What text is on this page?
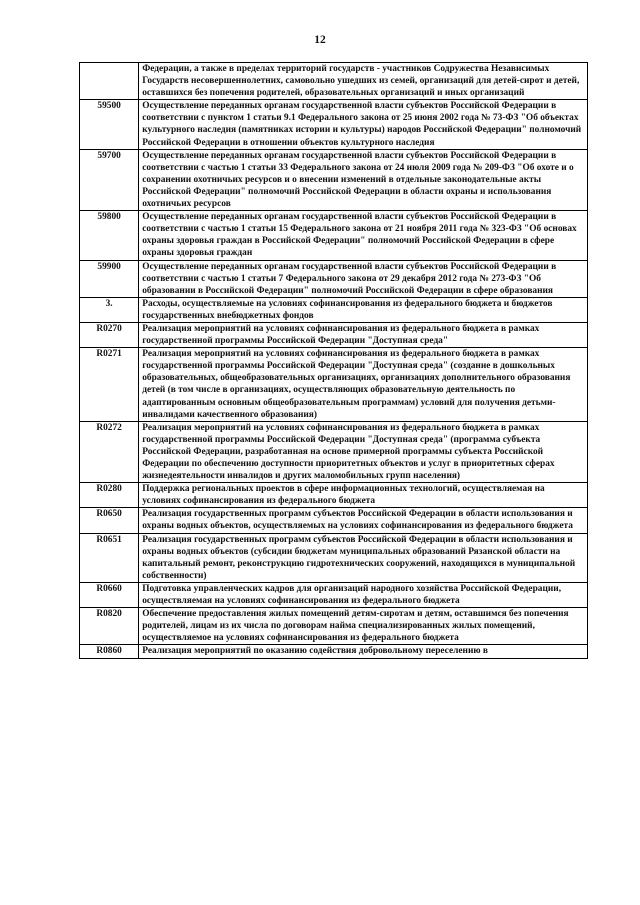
12
	Федерации, а также в пределах территорий государств - участников Содружества Независимых Государств несовершеннолетних, самовольно ушедших из семей, организаций для детей-сирот и детей, оставшихся без попечения родителей, образовательных организаций и иных организаций
59500	Осуществление переданных органам государственной власти субъектов Российской Федерации в соответствии с пунктом 1 статьи 9.1 Федерального закона от 25 июня 2002 года № 73-ФЗ "Об объектах культурного наследия (памятниках истории и культуры) народов Российской Федерации" полномочий Российской Федерации в отношении объектов культурного наследия
59700	Осуществление переданных органам государственной власти субъектов Российской Федерации в соответствии с частью 1 статьи 33 Федерального закона от 24 июля 2009 года № 209-ФЗ "Об охоте и о сохранении охотничьих ресурсов и о внесении изменений в отдельные законодательные акты Российской Федерации" полномочий Российской Федерации в области охраны и использования охотничьих ресурсов
59800	Осуществление переданных органам государственной власти субъектов Российской Федерации в соответствии с частью 1 статьи 15 Федерального закона от 21 ноября 2011 года № 323-ФЗ "Об основах охраны здоровья граждан в Российской Федерации" полномочий Российской Федерации в сфере охраны здоровья граждан
59900	Осуществление переданных органам государственной власти субъектов Российской Федерации в соответствии с частью 1 статьи 7 Федерального закона от 29 декабря 2012 года № 273-ФЗ "Об образовании в Российской Федерации" полномочий Российской Федерации в сфере образования
3.	Расходы, осуществляемые на условиях софинансирования из федерального бюджета и бюджетов государственных внебюджетных фондов
R0270	Реализация мероприятий на условиях софинансирования из федерального бюджета в рамках государственной программы Российской Федерации "Доступная среда"
R0271	Реализация мероприятий на условиях софинансирования из федерального бюджета в рамках государственной программы Российской Федерации "Доступная среда" (создание в дошкольных образовательных, общеобразовательных организациях, организациях дополнительного образования детей (в том числе в организациях, осуществляющих образовательную деятельность по адаптированным основным общеобразовательным программам) условий для получения детьми-инвалидами качественного образования)
R0272	Реализация мероприятий на условиях софинансирования из федерального бюджета в рамках государственной программы Российской Федерации "Доступная среда" (программа субъекта Российской Федерации, разработанная на основе примерной программы субъекта Российской Федерации по обеспечению доступности приоритетных объектов и услуг в приоритетных сферах жизнедеятельности инвалидов и других маломобильных групп населения)
R0280	Поддержка региональных проектов в сфере информационных технологий, осуществляемая на условиях софинансирования из федерального бюджета
R0650	Реализация государственных программ субъектов Российской Федерации в области использования и охраны водных объектов, осуществляемых на условиях софинансирования из федерального бюджета
R0651	Реализация государственных программ субъектов Российской Федерации в области использования и охраны водных объектов (субсидии бюджетам муниципальных образований Рязанской области на капитальный ремонт, реконструкцию гидротехнических сооружений, находящихся в муниципальной собственности)
R0660	Подготовка управленческих кадров для организаций народного хозяйства Российской Федерации, осуществляемая на условиях софинансирования из федерального бюджета
R0820	Обеспечение предоставления жилых помещений детям-сиротам и детям, оставшимся без попечения родителей, лицам из их числа по договорам найма специализированных жилых помещений, осуществляемое на условиях софинансирования из федерального бюджета
R0860	Реализация мероприятий по оказанию содействия добровольному переселению в
